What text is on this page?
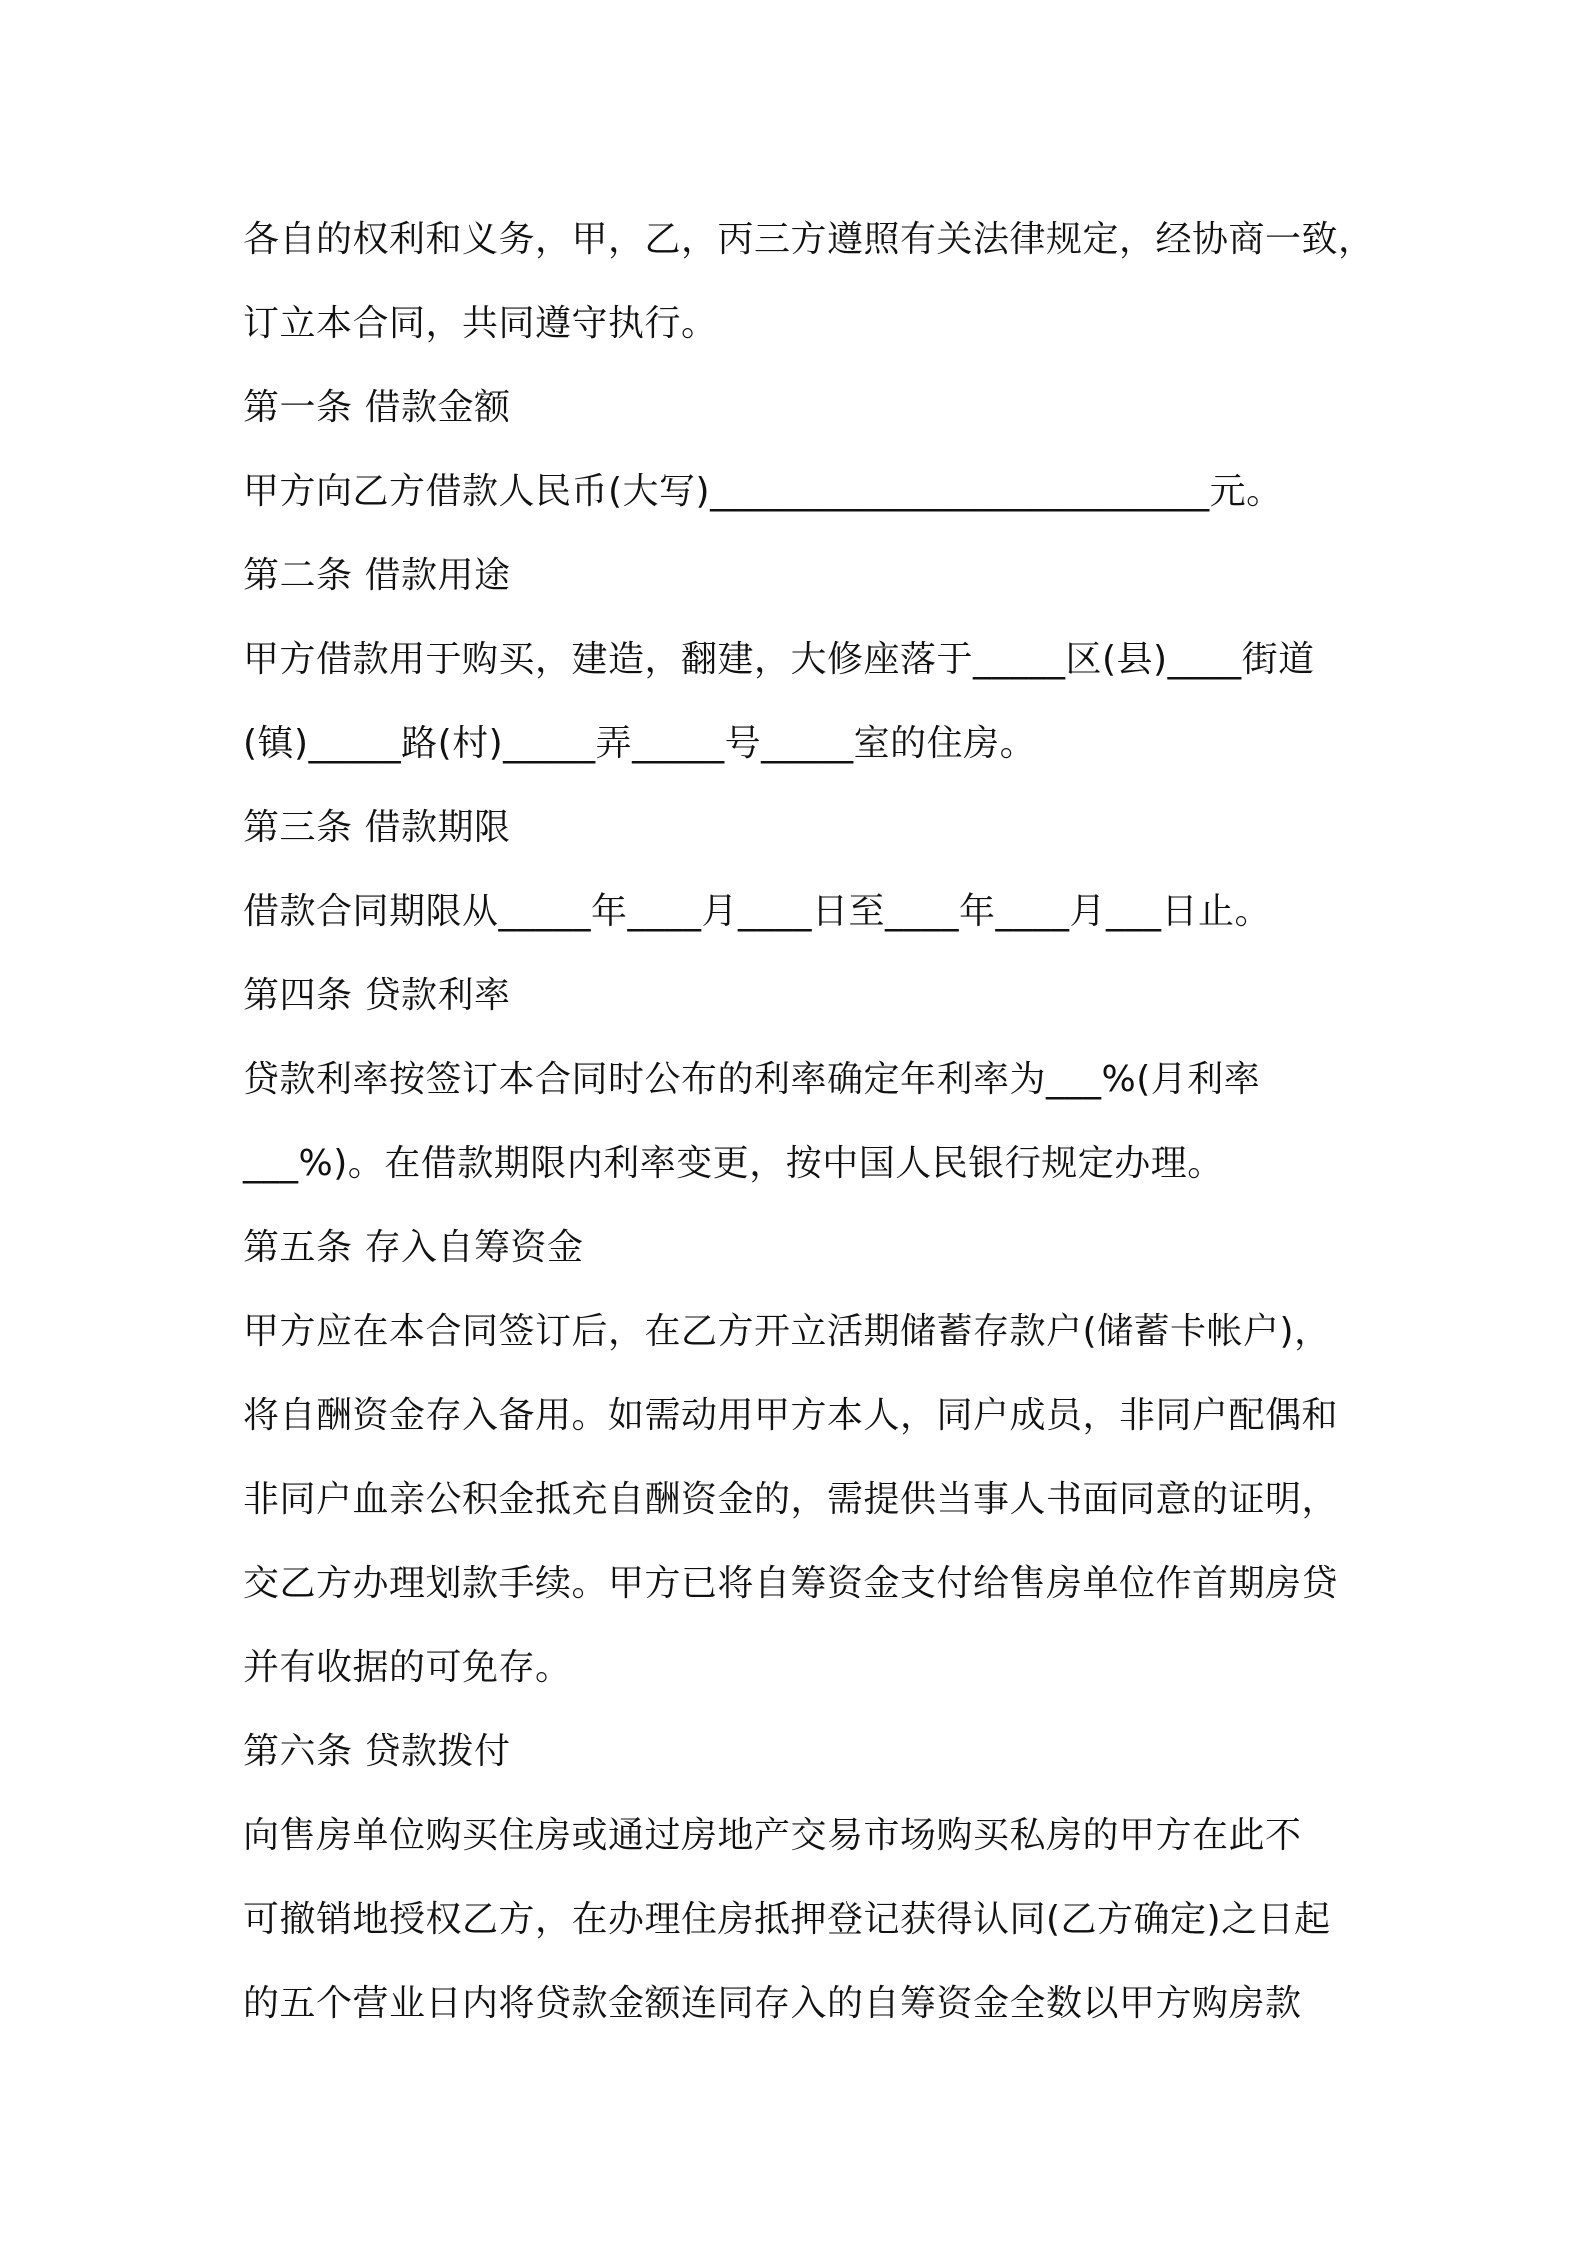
各自的权利和义务，甲，乙，丙三方遵照有关法律规定，经协商一致，
订立本合同，共同遵守执行。
第一条 借款金额
甲方向乙方借款人民币(大写)___________________________元。
第二条 借款用途
甲方借款用于购买，建造，翻建，大修座落于_____区(县)____街道
(镇)_____路(村)_____弄_____号_____室的住房。
第三条 借款期限
借款合同期限从_____年____月____日至____年____月___日止。
第四条 贷款利率
贷款利率按签订本合同时公布的利率确定年利率为___%(月利率
___%)。在借款期限内利率变更，按中国人民银行规定办理。
第五条 存入自筹资金
甲方应在本合同签订后，在乙方开立活期储蓄存款户(储蓄卡帐户)，
将自酬资金存入备用。如需动用甲方本人，同户成员，非同户配偶和
非同户血亲公积金抵充自酬资金的，需提供当事人书面同意的证明，
交乙方办理划款手续。甲方已将自筹资金支付给售房单位作首期房贷
并有收据的可免存。
第六条 贷款拨付
向售房单位购买住房或通过房地产交易市场购买私房的甲方在此不
可撤销地授权乙方，在办理住房抵押登记获得认同(乙方确定)之日起
的五个营业日内将贷款金额连同存入的自筹资金全数以甲方购房款
